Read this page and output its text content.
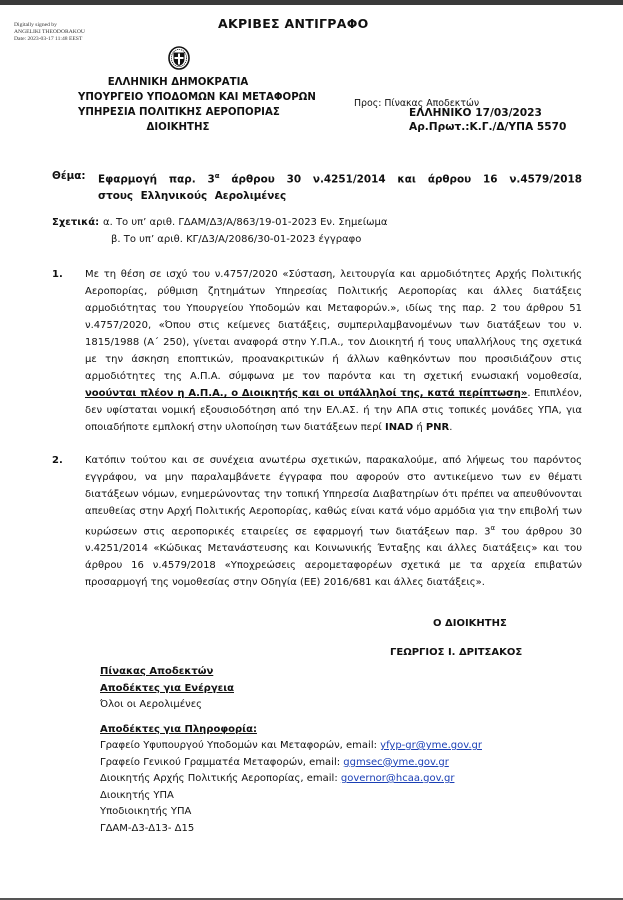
Digitally signed by
ANGELIKI THEODORAKOU
Date: 2023-03-17 11:48 EEST
ΑΚΡΙΒΕΣ ΑΝΤΙΓΡΑΦΟ
ΕΛΛΗΝΙΚΗ ΔΗΜΟΚΡΑΤΙΑ
ΥΠΟΥΡΓΕΙΟ ΥΠΟΔΟΜΩΝ ΚΑΙ ΜΕΤΑΦΟΡΩΝ
ΥΠΗΡΕΣΙΑ ΠΟΛΙΤΙΚΗΣ ΑΕΡΟΠΟΡΙΑΣ
ΔΙΟΙΚΗΤΗΣ
Προς: Πίνακας Αποδεκτών
ΕΛΛΗΝΙΚΟ 17/03/2023
Αρ.Πρωτ.:Κ.Γ./Δ/ΥΠΑ 5570
Θέμα: Εφαρμογή παρ. $3^\alpha$ άρθρου 30 ν.4251/2014 και άρθρου 16 ν.4579/2018 στους Ελληνικούς Αερολιμένες
Σχετικά: α. Το υπ’ αριθ. ΓΔΑΜ/Δ3/Α/863/19-01-2023 Εν. Σημείωμα
β. Το υπ’ αριθ. ΚΓ/Δ3/Α/2086/30-01-2023 έγγραφο
1. Με τη θέση σε ισχύ του ν.4757/2020 «Σύσταση, λειτουργία και αρμοδιότητες Αρχής Πολιτικής Αεροπορίας, ρύθμιση ζητημάτων Υπηρεσίας Πολιτικής Αεροπορίας και άλλες διατάξεις αρμοδιότητας του Υπουργείου Υποδομών και Μεταφορών.», ιδίως της παρ. 2 του άρθρου 51 ν.4757/2020, «Όπου στις κείμενες διατάξεις, συμπεριλαμβανομένων των διατάξεων του ν. 1815/1988 (Α΄ 250), γίνεται αναφορά στην Υ.Π.Α., τον Διοικητή ή τους υπαλλήλους της σχετικά με την άσκηση εποπτικών, προανακριτικών ή άλλων καθηκόντων που προσιδιάζουν στις αρμοδιότητες της Α.Π.Α. σύμφωνα με τον παρόντα και τη σχετική ενωσιακή νομοθεσία, νοούνται πλέον η Α.Π.Α., ο Διοικητής και οι υπάλληλοί της, κατά περίπτωση». Επιπλέον, δεν υφίσταται νομική εξουσιοδότηση από την ΕΛ.ΑΣ. ή την ΑΠΑ στις τοπικές μονάδες ΥΠΑ, για οποιαδήποτε εμπλοκή στην υλοποίηση των διατάξεων περί INAD ή PNR.
2. Κατόπιν τούτου και σε συνέχεια ανωτέρω σχετικών, παρακαλούμε, από λήψεως του παρόντος εγγράφου, να μην παραλαμβάνετε έγγραφα που αφορούν στο αντικείμενο των εν θέματι διατάξεων νόμων, ενημερώνοντας την τοπική Υπηρεσία Διαβατηρίων ότι πρέπει να απευθύνονται απευθείας στην Αρχή Πολιτικής Αεροπορίας, καθώς είναι κατά νόμο αρμόδια για την επιβολή των κυρώσεων στις αεροπορικές εταιρείες σε εφαρμογή των διατάξεων παρ. $3^\alpha$ του άρθρου 30 ν.4251/2014 «Κώδικας Μετανάστευσης και Κοινωνικής Ένταξης και άλλες διατάξεις» και του άρθρου 16 ν.4579/2018 «Υποχρεώσεις αερομεταφορέων σχετικά με τα αρχεία επιβατών προσαρμογή της νομοθεσίας στην Οδηγία (ΕΕ) 2016/681 και άλλες διατάξεις».
Ο ΔΙΟΙΚΗΤΗΣ
ΓΕΩΡΓΙΟΣ Ι. ΔΡΙΤΣΑΚΟΣ
Πίνακας Αποδεκτών
Αποδέκτες για Ενέργεια
Όλοι οι Αερολιμένες
Αποδέκτες για Πληροφορία:
Γραφείο Υφυπουργού Υποδομών και Μεταφορών, email: yfyp-gr@yme.gov.gr
Γραφείο Γενικού Γραμματέα Μεταφορών, email: ggmsec@yme.gov.gr
Διοικητής Αρχής Πολιτικής Αεροπορίας, email: governor@hcaa.gov.gr
Διοικητής ΥΠΑ
Υποδιοικητής ΥΠΑ
ΓΔΑΜ-Δ3-Δ13- Δ15
